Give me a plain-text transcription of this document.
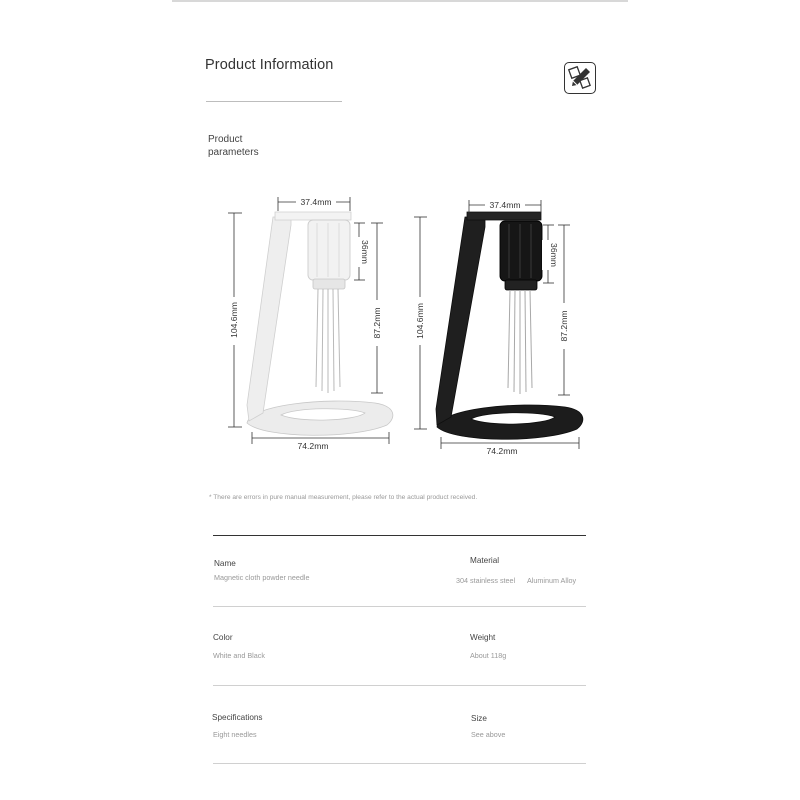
Product Information
Product
parameters
37.4mm
104.6mm
36mm
87.2mm
74.2mm
37.4mm
104.6mm
36mm
87.2mm
74.2mm
* There are errors in pure manual measurement, please refer to the actual product received.
Name
Magnetic cloth powder needle
Material
304 stainless steel Aluminum Alloy
Color
White and Black
Weight
About 118g
Specifications
Eight needles
Size
See above
